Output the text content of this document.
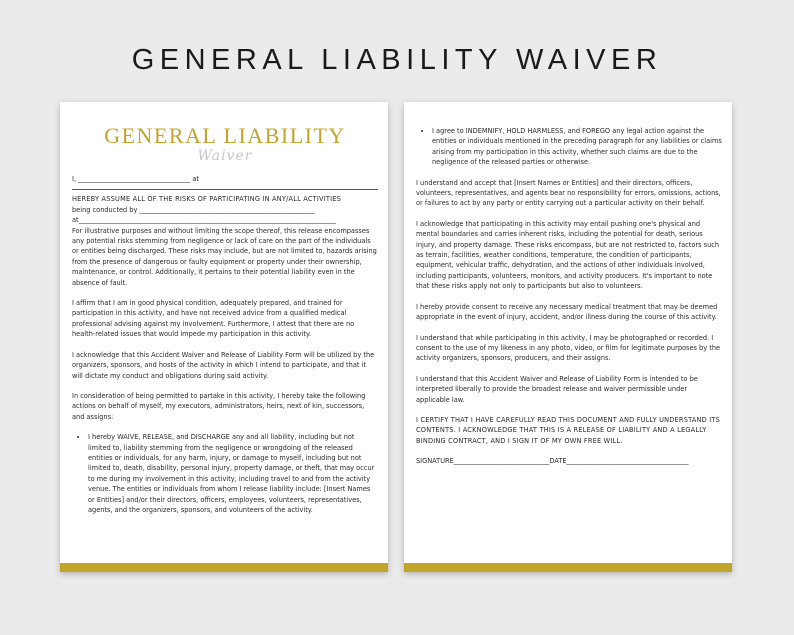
GENERAL LIABILITY WAIVER
GENERAL LIABILITY
Waiver
I, __________________________________ at
HEREBY ASSUME ALL OF THE RISKS OF PARTICIPATING IN ANY/ALL ACTIVITIES
being conducted by _____________________________________________________
at______________________________________________________________________________

For illustrative purposes and without limiting the scope thereof, this release encompasses any potential risks stemming from negligence or lack of care on the part of the individuals or entities being discharged. These risks may include, but are not limited to, hazards arising from the presence of dangerous or faulty equipment or property under their ownership, maintenance, or control. Additionally, it pertains to their potential liability even in the absence of fault.

I affirm that I am in good physical condition, adequately prepared, and trained for participation in this activity, and have not received advice from a qualified medical professional advising against my involvement. Furthermore, I attest that there are no health-related issues that would impede my participation in this activity.

I acknowledge that this Accident Waiver and Release of Liability Form will be utilized by the organizers, sponsors, and hosts of the activity in which I intend to participate, and that it will dictate my conduct and obligations during said activity.

In consideration of being permitted to partake in this activity, I hereby take the following actions on behalf of myself, my executors, administrators, heirs, next of kin, successors, and assigns:

• I hereby WAIVE, RELEASE, and DISCHARGE any and all liability, including but not limited to, liability stemming from the negligence or wrongdoing of the released entities or individuals, for any harm, injury, or damage to myself, including but not limited to, death, disability, personal injury, property damage, or theft, that may occur to me during my involvement in this activity, including travel to and from the activity venue. The entities or individuals from whom I release liability include: [Insert Names or Entities] and/or their directors, officers, employees, volunteers, representatives, agents, and the organizers, sponsors, and volunteers of the activity.
• I agree to INDEMNIFY, HOLD HARMLESS, and FOREGO any legal action against the entities or individuals mentioned in the preceding paragraph for any liabilities or claims arising from my participation in this activity, whether such claims are due to the negligence of the released parties or otherwise.

I understand and accept that [Insert Names or Entities] and their directors, officers, volunteers, representatives, and agents bear no responsibility for errors, omissions, actions, or failures to act by any party or entity carrying out a particular activity on their behalf.

I acknowledge that participating in this activity may entail pushing one's physical and mental boundaries and carries inherent risks, including the potential for death, serious injury, and property damage. These risks encompass, but are not restricted to, factors such as terrain, facilities, weather conditions, temperature, the condition of participants, equipment, vehicular traffic, dehydration, and the actions of other individuals involved, including participants, volunteers, monitors, and activity producers. It's important to note that these risks apply not only to participants but also to volunteers.

I hereby provide consent to receive any necessary medical treatment that may be deemed appropriate in the event of injury, accident, and/or illness during the course of this activity.

I understand that while participating in this activity, I may be photographed or recorded. I consent to the use of my likeness in any photo, video, or film for legitimate purposes by the activity organizers, sponsors, producers, and their assigns.

I understand that this Accident Waiver and Release of Liability Form is intended to be interpreted liberally to provide the broadest release and waiver permissible under applicable law.

I CERTIFY THAT I HAVE CAREFULLY READ THIS DOCUMENT AND FULLY UNDERSTAND ITS CONTENTS. I ACKNOWLEDGE THAT THIS IS A RELEASE OF LIABILITY AND A LEGALLY BINDING CONTRACT, AND I SIGN IT OF MY OWN FREE WILL.

SIGNATURE_____________________________DATE_____________________________________
